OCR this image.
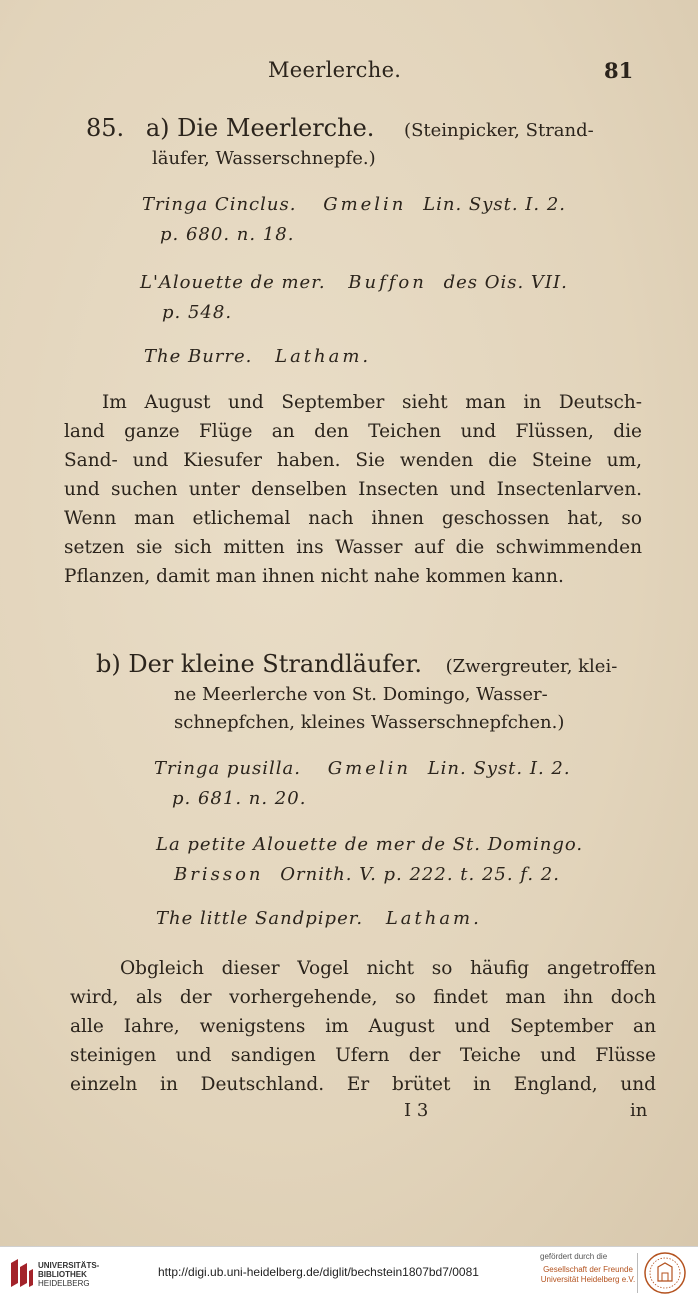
Meerlerche.	81
85. a) Die Meerlerche. (Steinpicker, Strand-
läufer, Wasserschnepfe.)
Tringa Cinclus. Gmelin Lin. Syst. I. 2.
p. 680. n. 18.
L'Alouette de mer. Buffon des Ois. VII.
p. 548.
The Burre. Latham.
Im August und September sieht man in Deutsch-
land ganze Flüge an den Teichen und Flüssen, die
Sand- und Kiesufer haben. Sie wenden die Steine um,
und suchen unter denselben Insecten und Insectenlarven.
Wenn man etlichemal nach ihnen geschossen hat, so
setzen sie sich mitten ins Wasser auf die schwimmenden
Pflanzen, damit man ihnen nicht nahe kommen kann.
b) Der kleine Strandläufer. (Zwergreuter, klei-
ne Meerlerche von St. Domingo, Wasser-
schnepfchen, kleines Wasserschnepfchen.)
Tringa pusilla. Gmelin Lin. Syst. I. 2.
p. 681. n. 20.
La petite Alouette de mer de St. Domingo.
Brisson Ornith. V. p. 222. t. 25. f. 2.
The little Sandpiper. Latham.
Obgleich dieser Vogel nicht so häufig angetroffen
wird, als der vorhergehende, so findet man ihn doch
alle Iahre, wenigstens im August und September an
steinigen und sandigen Ufern der Teiche und Flüsse
einzeln in Deutschland. Er brütet in England, und
I 3	in
UNIVERSITÄTS-
BIBLIOTHEK
HEIDELBERG
http://digi.ub.uni-heidelberg.de/diglit/bechstein1807bd7/0081
gefördert durch die
Gesellschaft der Freunde
Universität Heidelberg e.V.
